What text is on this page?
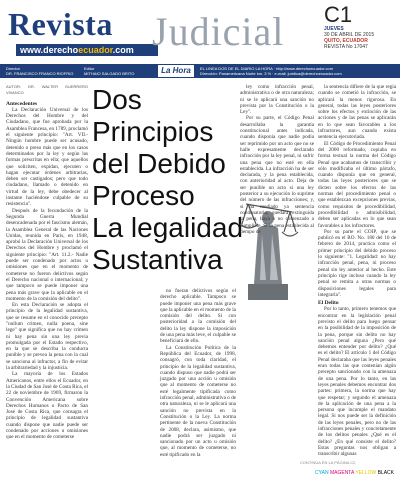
Revista
www.derechoecuador.com Judicial C1
JUEVES
30 DE ABRIL DE 2015
QUITO, ECUADOR
REVISTA No 17047
Director
DR. FRANCISCO FRANCO RIOFRIO
Editor
MITHAIO SALGADO BRITO	La Hora	EL LINEA DOS DE EL DIARIO LA HORA · http://www.derechoecuador.com
Dirección: Panamericana Norte km. 3 ½ · e-mail: juridica@derechoecuador.com
AUTOR: DR. WALTER GUERRERO VIVANCO

Antecedentes

La Declaración Universal de los Derechos del Hombre y del Ciudadano, que fue aprobada por la Asamblea Francesa, en 1789, proclamó el siguiente principio: "Art. VII.- Ningún hombre puede ser acusado, detenido o preso más que en los casos determinados por la ley y según las formas prescritas en ella; que aquellos que soliciten, expidan, ejecuten o hagan ejecutar órdenes arbitrarias, deben ser castigados; pero que todo ciudadano, llamado o detenido en virtud de la ley, debe obedecer al instante haciéndose culpable de su resistencia".

Después de la fecundación de la Segunda Guerra Mundial desencadenada por el fascismo alemán, la Asamblea General de las Naciones Unidas, reunida en París, en 1948, aprobó la Declaración Universal de los Derechos del Hombre y proclamó el siguiente principio: "Art. 11.2.- Nadie puede ser condenado por actos u omisiones que en el momento de cometerse no fueron delictivos según el Derecho nacional o internacional; y que tampoco se puede imponer una pena más grave que la aplicable en el momento de la comisión del delito".

En esta Declaración se adopta el principio de la legalidad sustantiva, que se resume en el conocido precepto "nullum crimen, nulla poena, sine lege" que significa que no hay crimen ni hay pena sin una ley previa promulgada por el Estado respectivo, en la que se describa la conducta punible y se prevea la pena con la cual se sanciona al infractor, a fin de evitar la arbitrariedad y la injusticia.

La mayoría de los Estados Americanos, entre ellos el Ecuador, en la Ciudad de San José de Costa Rica, el 22 de noviembre de 1969, firmaron la Convención Americana sobre Derechos Humanos o Pacto de San José de Costa Rica, que consagra el principio de legalidad sustantiva cuando dispone que nadie puede ser condenado por acciones u omisiones que en el momento de cometerse

Dos
Principios
del Debido
Proceso
La legalidad
Sustantiva

no fueran delictivos según el derecho aplicable. Tampoco se puede imponer una pena más grave que la aplicable en el momento de la comisión del delito. Si con posterioridad a la comisión del delito la ley dispone la imposición de una pena más leve, el culpable se beneficiará de ello.

La Constitución Política de la República del Ecuador, de 1998, consagró, con toda claridad, el principio de la legalidad sustantiva, cuando dispuso que nadie podrá ser juzgado por una acción u omisión que al momento de cometerse no esté legalmente tipificada como infracción penal, administrativa o de otra naturaleza, ni se le aplicará una sanción no prevista en la Constitución o la Ley. La norma pertinente de la nueva Constitución de 2008, declara, asimismo, que nadie podrá ser juzgado ni sancionado por un acto u omisión que, al momento de cometerse, no esté tipificado en la

ley como infracción penal, administrativa o de otra naturaleza; ni se le aplicará una sanción no prevista por la Constitución o la Ley".

Por su parte, el Código Penal desarrollaba la garantía constitucional antes indicada, cuando disponía que nadie podía ser reprimido por un acto que no se halle expresamente declarado infracción por la ley penal, ni sufrir una pena que no esté en ella establecida. La infracción ha de ser declarada, y la pena establecida, con anterioridad al acto. Deja de ser punible un acto si una ley posterior a su ejecución lo suprime del número de las infracciones; y, si ha mediado ya sentencia condenatoria, quedará extinguida la pena, haya o no comenzado a cumplirse. Si la pena establecida al tiempo de

la sentencia difiere de la que regía cuando se cometió la infracción, se aplicará la menos rigurosa. En general, todas las leyes posteriores sobre los efectos y extinción de las acciones y de las penas se aplicarán en lo que sean favorables a los infractores, aun cuando exista sentencia ejecutoriada.

El Código de Procedimiento Penal del 2000 reformado, copiaba en forma textual la norma del Código Penal que acabamos de transcribir y sólo modificaba el último párrafo, cuando disponía que en general, todas las leyes posteriores que se dicten sobre los efectos de las normas del procedimiento penal o que establezcan excepciones previas, como requisitos de procedibilidad, procedibilidad o admisibilidad, deben ser aplicadas en lo que sean favorables a los infractores.

Por su parte el COIP, que se publicó en el RO. No. 180 del 10 de febrero de 2014, practica como el primer principio del debido proceso lo siguiente: "1. Legalidad: no hay infracción penal, pena, ni proceso penal sin ley anterior al hecho. Este principio rige incluso cuando la ley penal se remita a otras normas o disposiciones legales para integrarla".

El Delito

Por lo tanto, primero tenemos que encontrar en la legislación penal previsto el delito para luego pensar en la posibilidad de la imposición de la pena, porque sin delito no hay sanción penal alguna ¿Pero qué debemos entender por delito? ¿Qué es el delito? El artículo 1 del Código Penal declaraba que las leyes penales eran todas las que contenían algún precepto sancionado con la amenaza de una pena. Por lo tanto, en las leyes penales debemos encontrar dos partes: primera, la norma que hay que respetar; y segundo el amenaza de la aplicación de una pena a la persona que incumple el mandato legal. Si nos puede ser la definición de las leyes penales, pero no de las infracciones penales y concretamente de los delitos penales ¿Qué es el delito? ¿En qué consiste el delito? Estas preguntas nos obligan a transcribir algunas

CONTINÚA EN LA PÁGINA C2
CYAN MAGENTA YELLOW BLACK
